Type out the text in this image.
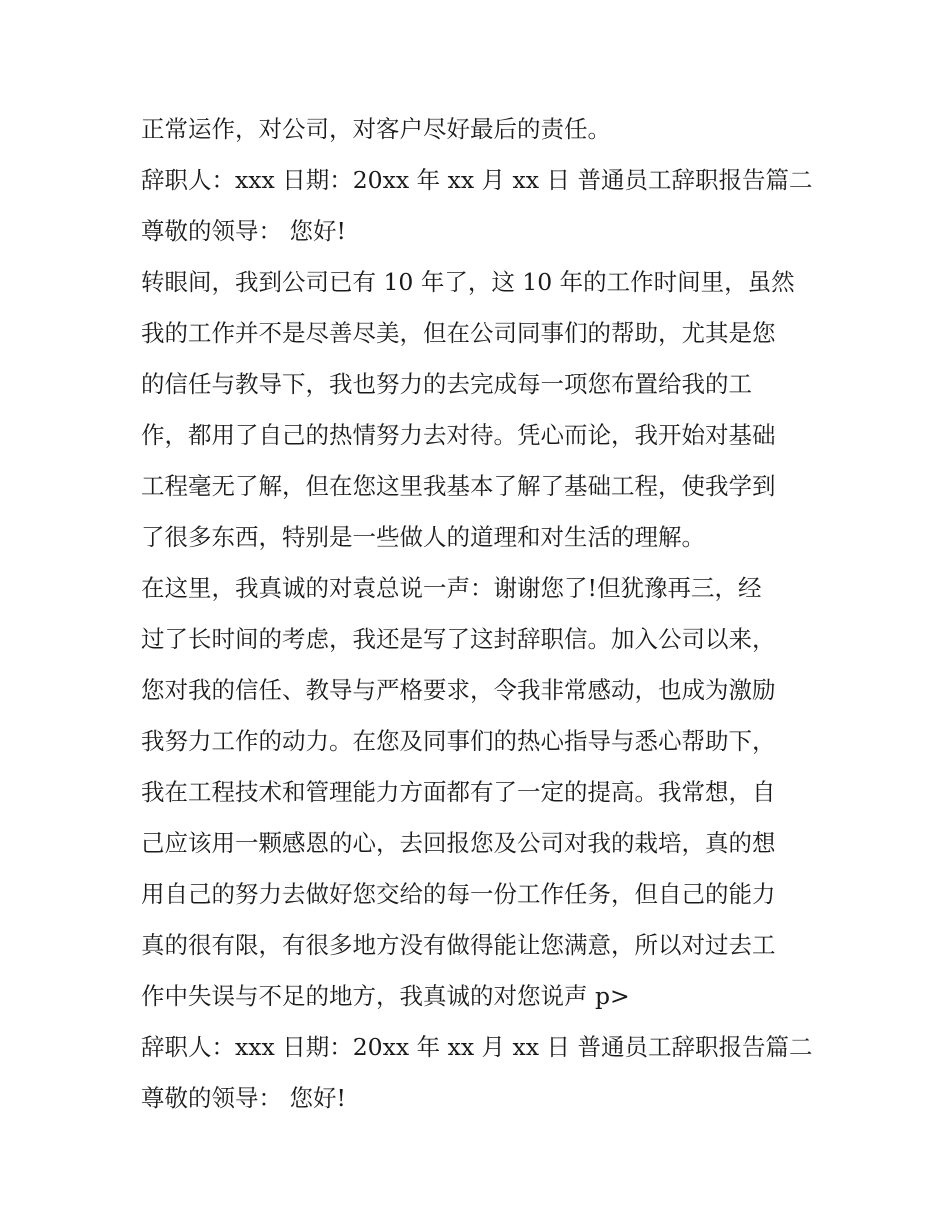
正常运作，对公司，对客户尽好最后的责任。
辞职人：xxx 日期：20xx 年 xx 月 xx 日 普通员工辞职报告篇二
尊敬的领导： 您好!
转眼间，我到公司已有 10 年了，这 10 年的工作时间里，虽然
我的工作并不是尽善尽美，但在公司同事们的帮助，尤其是您
的信任与教导下，我也努力的去完成每一项您布置给我的工
作，都用了自己的热情努力去对待。凭心而论，我开始对基础
工程毫无了解，但在您这里我基本了解了基础工程，使我学到
了很多东西，特别是一些做人的道理和对生活的理解。
在这里，我真诚的对袁总说一声：谢谢您了!但犹豫再三，经
过了长时间的考虑，我还是写了这封辞职信。加入公司以来，
您对我的信任、教导与严格要求，令我非常感动，也成为激励
我努力工作的动力。在您及同事们的热心指导与悉心帮助下，
我在工程技术和管理能力方面都有了一定的提高。我常想，自
己应该用一颗感恩的心，去回报您及公司对我的栽培，真的想
用自己的努力去做好您交给的每一份工作任务，但自己的能力
真的很有限，有很多地方没有做得能让您满意，所以对过去工
作中失误与不足的地方，我真诚的对您说声 p>
辞职人：xxx 日期：20xx 年 xx 月 xx 日 普通员工辞职报告篇二
尊敬的领导： 您好!
